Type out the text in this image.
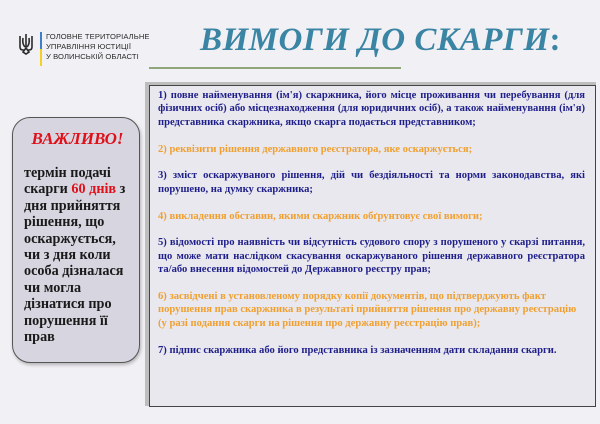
ГОЛОВНЕ ТЕРИТОРІАЛЬНЕ
УПРАВЛІННЯ ЮСТИЦІЇ
У ВОЛИНСЬКІЙ ОБЛАСТІ	ВИМОГИ ДО СКАРГИ:
ВАЖЛИВО!
термін подачі скарги 60 днів з дня прийняття рішення, що оскаржується, чи з дня коли особа дізналася чи могла дізнатися про порушення її прав

1) повне найменування (ім'я) скаржника, його місце проживання чи перебування (для фізичних осіб) або місцезнаходження (для юридичних осіб), а також найменування (ім'я) представника скаржника, якщо скарга подається представником;

2) реквізити рішення державного реєстратора, яке оскаржується;

3) зміст оскаржуваного рішення, дій чи бездіяльності та норми законодавства, які порушено, на думку скаржника;

4) викладення обставин, якими скаржник обґрунтовує свої вимоги;

5) відомості про наявність чи відсутність судового спору з порушеного у скарзі питання, що може мати наслідком скасування оскаржуваного рішення державного реєстратора та/або внесення відомостей до Державного реєстру прав;

6) засвідчені в установленому порядку копії документів, що підтверджують факт порушення прав скаржника в результаті прийняття рішення про державну реєстрацію (у разі подання скарги на рішення про державну реєстрацію прав);

7) підпис скаржника або його представника із зазначенням дати складання скарги.
